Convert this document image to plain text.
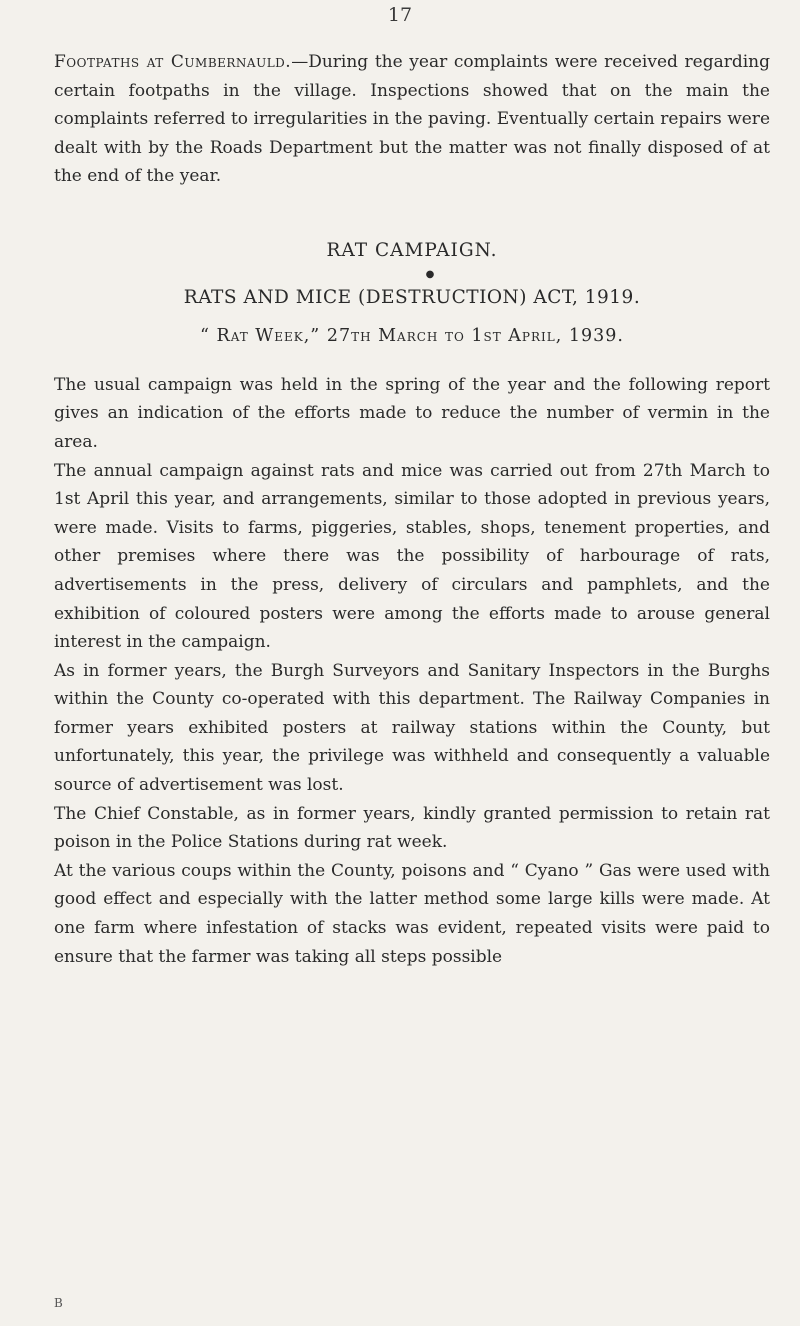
17

Footpaths at Cumbernauld.—During the year complaints were received regarding certain footpaths in the village. Inspections showed that on the main the complaints referred to irregularities in the paving. Eventually certain repairs were dealt with by the Roads Department but the matter was not finally disposed of at the end of the year.

RAT CAMPAIGN.

●

RATS AND MICE (DESTRUCTION) ACT, 1919.

“ Rat Week,” 27th March to 1st April, 1939.

The usual campaign was held in the spring of the year and the following report gives an indication of the efforts made to reduce the number of vermin in the area.

The annual campaign against rats and mice was carried out from 27th March to 1st April this year, and arrangements, similar to those adopted in previous years, were made. Visits to farms, piggeries, stables, shops, tenement properties, and other premises where there was the possibility of harbourage of rats, advertisements in the press, delivery of circulars and pamphlets, and the exhibition of coloured posters were among the efforts made to arouse general interest in the campaign.

As in former years, the Burgh Surveyors and Sanitary Inspectors in the Burghs within the County co-operated with this department. The Railway Companies in former years exhibited posters at railway stations within the County, but unfortunately, this year, the privilege was withheld and consequently a valuable source of advertisement was lost.

The Chief Constable, as in former years, kindly granted permission to retain rat poison in the Police Stations during rat week.

At the various coups within the County, poisons and “ Cyano ” Gas were used with good effect and especially with the latter method some large kills were made. At one farm where infestation of stacks was evident, repeated visits were paid to ensure that the farmer was taking all steps possible

B
